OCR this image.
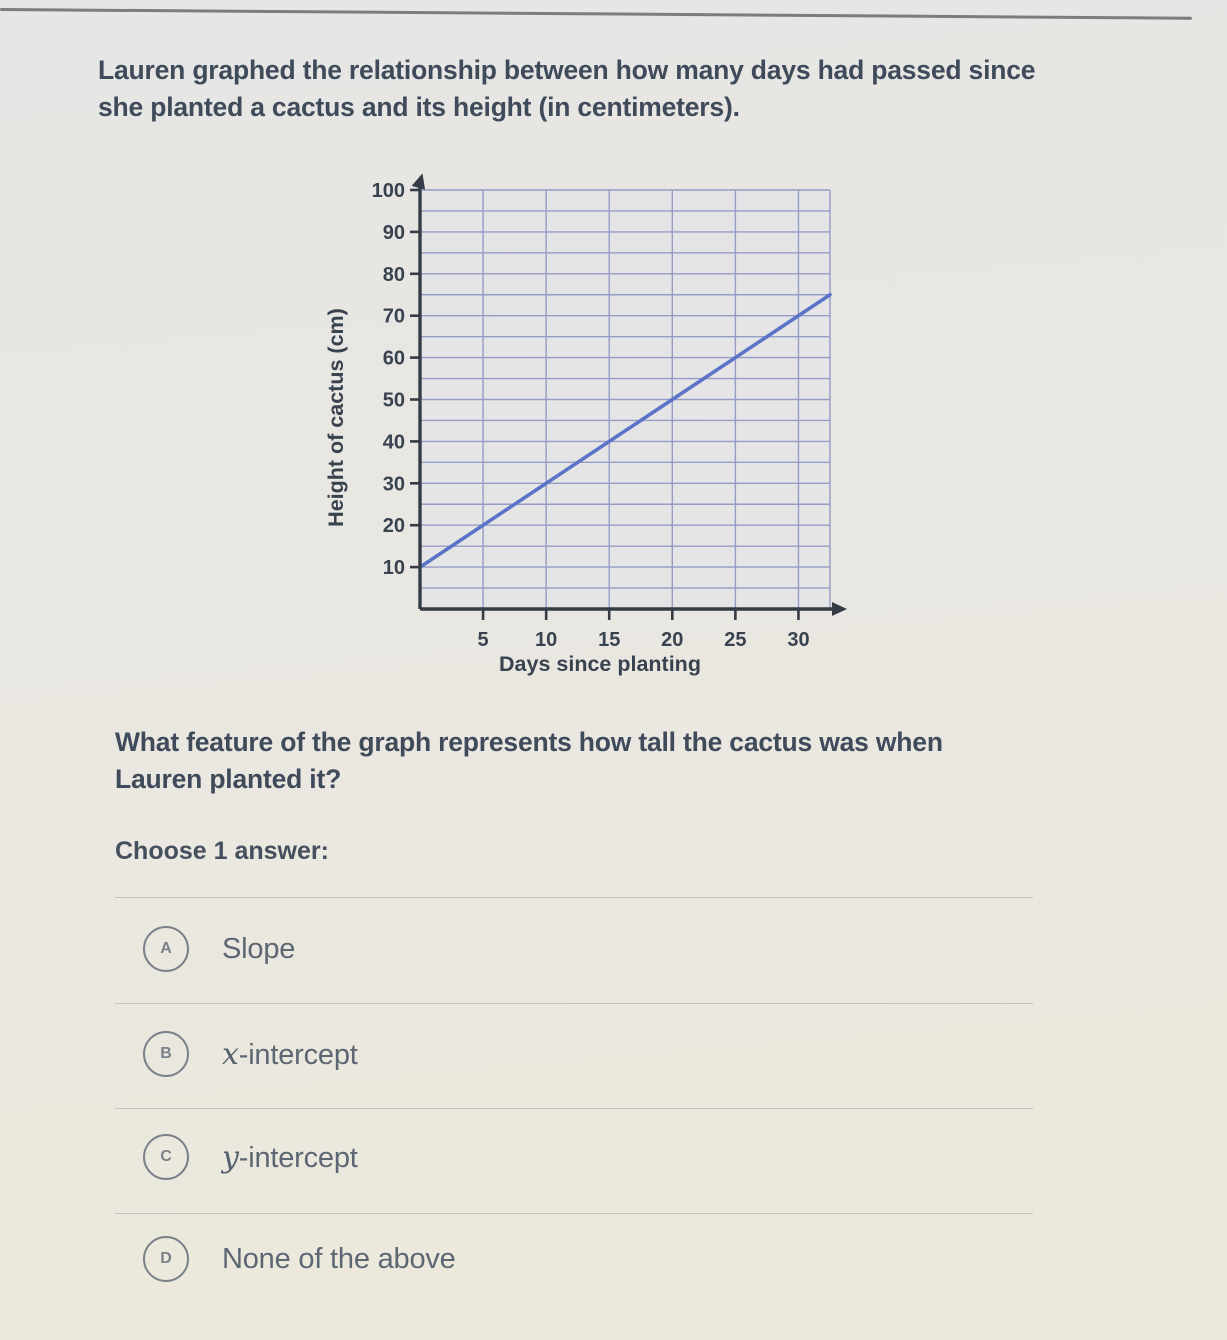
Lauren graphed the relationship between how many days had passed since
she planted a cactus and its height (in centimeters).
10
20
30
40
50
60
70
80
90
100
5 10 15 20 25 30
Days since planting
Height of cactus (cm)
What feature of the graph represents how tall the cactus was when
Lauren planted it?
Choose 1 answer:
A Slope
B x -intercept
C y -intercept
D None of the above
